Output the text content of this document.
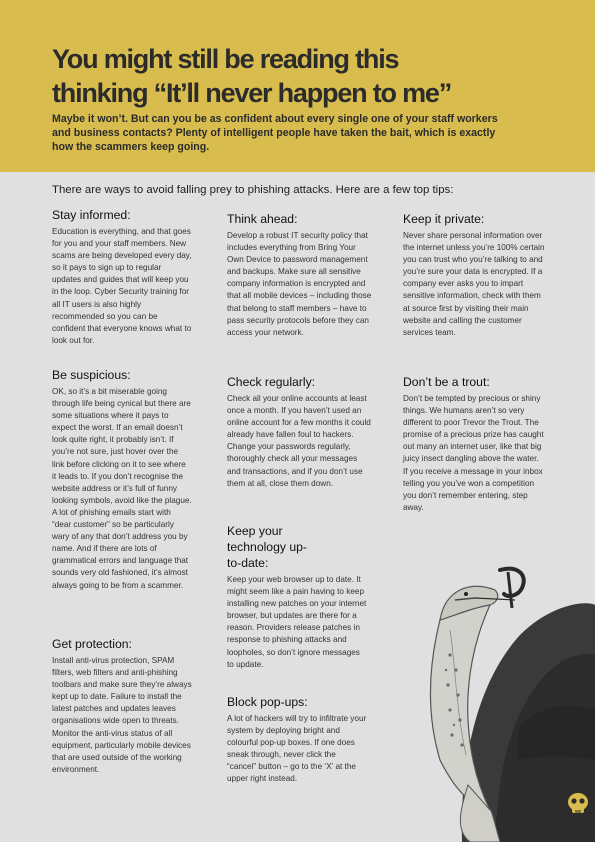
You might still be reading this
thinking “It’ll never happen to me”

Maybe it won’t. But can you be as confident about every single one of your staff workers and business contacts? Plenty of intelligent people have taken the bait, which is exactly how the scammers keep going.

There are ways to avoid falling prey to phishing attacks. Here are a few top tips:

Stay informed:

Education is everything, and that goes for you and your staff members. New scams are being developed every day, so it pays to sign up to regular updates and guides that will keep you in the loop. Cyber Security training for all IT users is also highly recommended so you can be confident that everyone knows what to look out for.

Be suspicious:

OK, so it’s a bit miserable going through life being cynical but there are some situations where it pays to expect the worst. If an email doesn’t look quite right, it probably isn’t. If you’re not sure, just hover over the link before clicking on it to see where it leads to. If you don’t recognise the website address or it’s full of funny looking symbols, avoid like the plague. A lot of phishing emails start with “dear customer” so be particularly wary of any that don’t address you by name. And if there are lots of grammatical errors and language that sounds very old fashioned, it’s almost always going to be from a scammer.

Get protection:

Install anti-virus protection, SPAM filters, web filters and anti-phishing toolbars and make sure they’re always kept up to date. Failure to install the latest patches and updates leaves organisations wide open to threats. Monitor the anti-virus status of all equipment, particularly mobile devices that are used outside of the working environment.

Think ahead:

Develop a robust IT security policy that includes everything from Bring Your Own Device to password management and backups. Make sure all sensitive company information is encrypted and that all mobile devices – including those that belong to staff members – have to pass security protocols before they can access your network.

Check regularly:

Check all your online accounts at least once a month. If you haven’t used an online account for a few months it could already have fallen foul to hackers. Change your passwords regularly, thoroughly check all your messages and transactions, and if you don’t use them at all, close them down.

Keep your technology up-to-date:

Keep your web browser up to date. It might seem like a pain having to keep installing new patches on your internet browser, but updates are there for a reason. Providers release patches in response to phishing attacks and loopholes, so don’t ignore messages to update.

Block pop-ups:

A lot of hackers will try to infiltrate your system by deploying bright and colourful pop-up boxes. If one does sneak through, never click the “cancel” button – go to the ‘X’ at the upper right instead.

Keep it private:

Never share personal information over the internet unless you’re 100% certain you can trust who you’re talking to and you’re sure your data is encrypted. If a company ever asks you to impart sensitive information, check with them at source first by visiting their main website and calling the customer services team.

Don’t be a trout:

Don’t be tempted by precious or shiny things. We humans aren’t so very different to poor Trevor the Trout. The promise of a precious prize has caught out many an internet user, like that big juicy insect dangling above the water. If you receive a message in your inbox telling you you’ve won a competition you don’t remember entering, step away.
